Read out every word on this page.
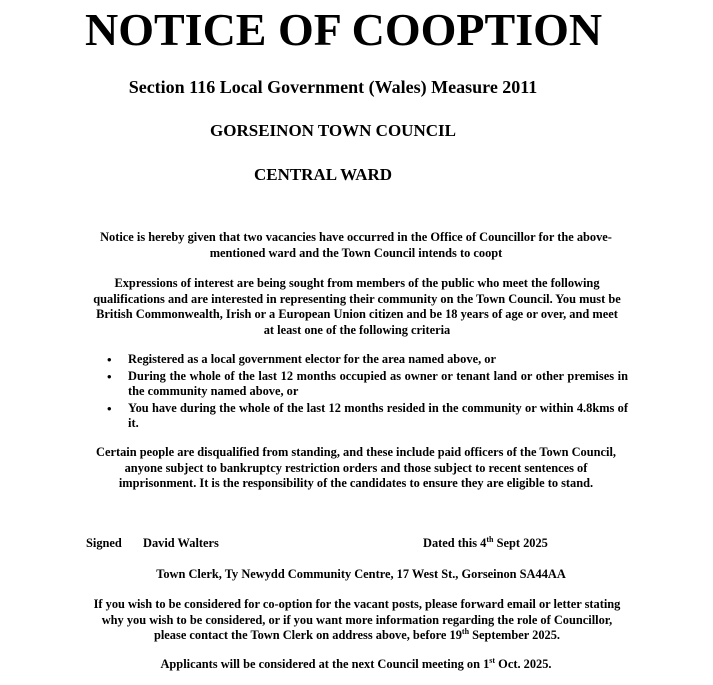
NOTICE OF COOPTION
Section 116 Local Government (Wales) Measure 2011
GORSEINON TOWN COUNCIL
CENTRAL WARD
Notice is hereby given that two vacancies have occurred in the Office of Councillor for the above-mentioned ward and the Town Council intends to coopt
Expressions of interest are being sought from members of the public who meet the following qualifications and are interested in representing their community on the Town Council. You must be British Commonwealth, Irish or a European Union citizen and be 18 years of age or over, and meet at least one of the following criteria
• Registered as a local government elector for the area named above, or
• During the whole of the last 12 months occupied as owner or tenant land or other premises in the community named above, or
• You have during the whole of the last 12 months resided in the community or within 4.8kms of it.
Certain people are disqualified from standing, and these include paid officers of the Town Council, anyone subject to bankruptcy restriction orders and those subject to recent sentences of imprisonment. It is the responsibility of the candidates to ensure they are eligible to stand.
Signed David Walters	Dated this 4th Sept 2025
Town Clerk, Ty Newydd Community Centre, 17 West St., Gorseinon SA44AA
If you wish to be considered for co-option for the vacant posts, please forward email or letter stating why you wish to be considered, or if you want more information regarding the role of Councillor, please contact the Town Clerk on address above, before 19th September 2025.
Applicants will be considered at the next Council meeting on 1st Oct. 2025.
